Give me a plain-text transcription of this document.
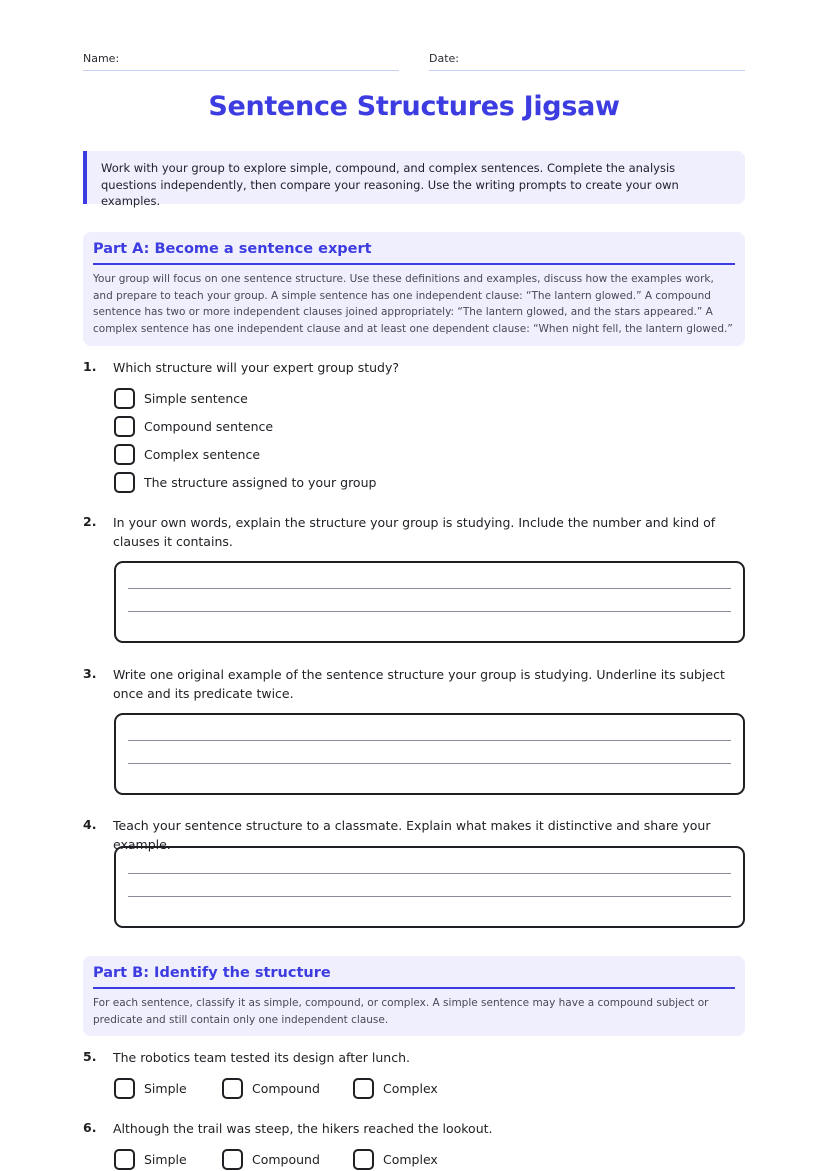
Name:	Date:
Sentence Structures Jigsaw
Work with your group to explore simple, compound, and complex sentences. Complete the analysis questions independently, then compare your reasoning. Use the writing prompts to create your own examples.
Part A: Become a sentence expert
Your group will focus on one sentence structure. Use these definitions and examples, discuss how the examples work, and prepare to teach your group. A simple sentence has one independent clause: “The lantern glowed.” A compound sentence has two or more independent clauses joined appropriately: “The lantern glowed, and the stars appeared.” A complex sentence has one independent clause and at least one dependent clause: “When night fell, the lantern glowed.”
1. Which structure will your expert group study?
Simple sentence
Compound sentence
Complex sentence
The structure assigned to your group
2. In your own words, explain the structure your group is studying. Include the number and kind of clauses it contains.
3. Write one original example of the sentence structure your group is studying. Underline its subject once and its predicate twice.
4. Teach your sentence structure to a classmate. Explain what makes it distinctive and share your example.
Part B: Identify the structure
For each sentence, classify it as simple, compound, or complex. A simple sentence may have a compound subject or predicate and still contain only one independent clause.
5. The robotics team tested its design after lunch.
Simple	Compound	Complex
6. Although the trail was steep, the hikers reached the lookout.
Simple	Compound	Complex
